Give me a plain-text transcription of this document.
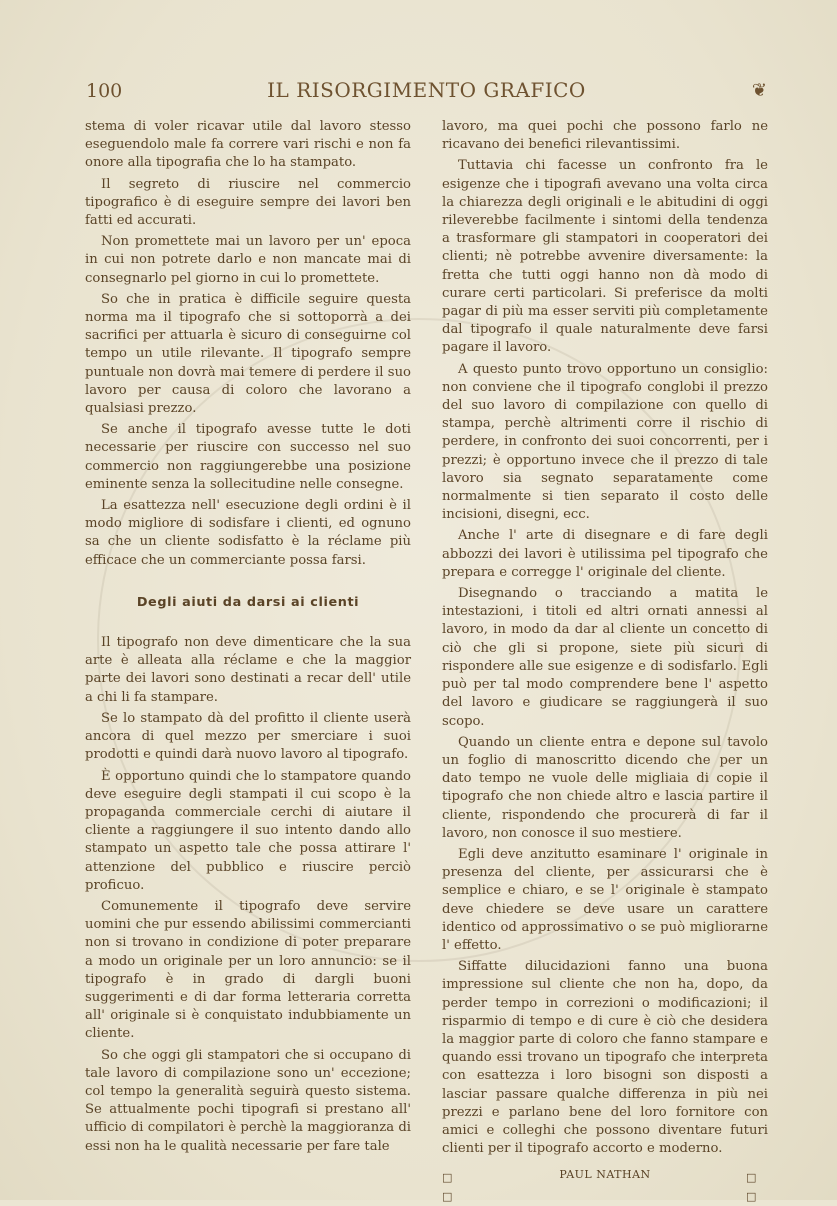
100	IL RISORGIMENTO GRAFICO	❦

stema di voler ricavar utile dal lavoro stesso eseguendolo male fa correre vari rischi e non fa onore alla tipografia che lo ha stampato.

Il segreto di riuscire nel commercio tipografico è di eseguire sempre dei lavori ben fatti ed accurati.

Non promettete mai un lavoro per un' epoca in cui non potrete darlo e non mancate mai di consegnarlo pel giorno in cui lo promettete.

So che in pratica è difficile seguire questa norma ma il tipografo che si sottoporrà a dei sacrifici per attuarla è sicuro di conseguirne col tempo un utile rilevante. Il tipografo sempre puntuale non dovrà mai temere di perdere il suo lavoro per causa di coloro che lavorano a qualsiasi prezzo.

Se anche il tipografo avesse tutte le doti necessarie per riuscire con successo nel suo commercio non raggiungerebbe una posizione eminente senza la sollecitudine nelle consegne.

La esattezza nell' esecuzione degli ordini è il modo migliore di sodisfare i clienti, ed ognuno sa che un cliente sodisfatto è la réclame più efficace che un commerciante possa farsi.

Degli aiuti da darsi ai clienti

Il tipografo non deve dimenticare che la sua arte è alleata alla réclame e che la maggior parte dei lavori sono destinati a recar dell' utile a chi li fa stampare.

Se lo stampato dà del profitto il cliente userà ancora di quel mezzo per smerciare i suoi prodotti e quindi darà nuovo lavoro al tipografo.

È opportuno quindi che lo stampatore quando deve eseguire degli stampati il cui scopo è la propaganda commerciale cerchi di aiutare il cliente a raggiungere il suo intento dando allo stampato un aspetto tale che possa attirare l' attenzione del pubblico e riuscire perciò proficuo.

Comunemente il tipografo deve servire uomini che pur essendo abilissimi commercianti non si trovano in condizione di poter preparare a modo un originale per un loro annuncio: se il tipografo è in grado di dargli buoni suggerimenti e di dar forma letteraria corretta all' originale si è conquistato indubbiamente un cliente.

So che oggi gli stampatori che si occupano di tale lavoro di compilazione sono un' eccezione; col tempo la generalità seguirà questo sistema. Se attualmente pochi tipografi si prestano all' ufficio di compilatori è perchè la maggioranza di essi non ha le qualità necessarie per fare tale

lavoro, ma quei pochi che possono farlo ne ricavano dei benefici rilevantissimi.

Tuttavia chi facesse un confronto fra le esigenze che i tipografi avevano una volta circa la chiarezza degli originali e le abitudini di oggi rileverebbe facilmente i sintomi della tendenza a trasformare gli stampatori in cooperatori dei clienti; nè potrebbe avvenire diversamente: la fretta che tutti oggi hanno non dà modo di curare certi particolari. Si preferisce da molti pagar di più ma esser serviti più completamente dal tipografo il quale naturalmente deve farsi pagare il lavoro.

A questo punto trovo opportuno un consiglio: non conviene che il tipografo conglobi il prezzo del suo lavoro di compilazione con quello di stampa, perchè altrimenti corre il rischio di perdere, in confronto dei suoi concorrenti, per i prezzi; è opportuno invece che il prezzo di tale lavoro sia segnato separatamente come normalmente si tien separato il costo delle incisioni, disegni, ecc.

Anche l' arte di disegnare e di fare degli abbozzi dei lavori è utilissima pel tipografo che prepara e corregge l' originale del cliente.

Disegnando o tracciando a matita le intestazioni, i titoli ed altri ornati annessi al lavoro, in modo da dar al cliente un concetto di ciò che gli si propone, siete più sicuri di rispondere alle sue esigenze e di sodisfarlo. Egli può per tal modo comprendere bene l' aspetto del lavoro e giudicare se raggiungerà il suo scopo.

Quando un cliente entra e depone sul tavolo un foglio di manoscritto dicendo che per un dato tempo ne vuole delle migliaia di copie il tipografo che non chiede altro e lascia partire il cliente, rispondendo che procurerà di far il lavoro, non conosce il suo mestiere.

Egli deve anzitutto esaminare l' originale in presenza del cliente, per assicurarsi che è semplice e chiaro, e se l' originale è stampato deve chiedere se deve usare un carattere identico od approssimativo o se può migliorarne l' effetto.

Siffatte dilucidazioni fanno una buona impressione sul cliente che non ha, dopo, da perder tempo in correzioni o modificazioni; il risparmio di tempo e di cure è ciò che desidera la maggior parte di coloro che fanno stampare e quando essi trovano un tipografo che interpreta con esattezza i loro bisogni son disposti a lasciar passare qualche differenza in più nei prezzi e parlano bene del loro fornitore con amici e colleghi che possono diventare futuri clienti per il tipografo accorto e moderno.

□ □
PAUL NATHAN	□ □
